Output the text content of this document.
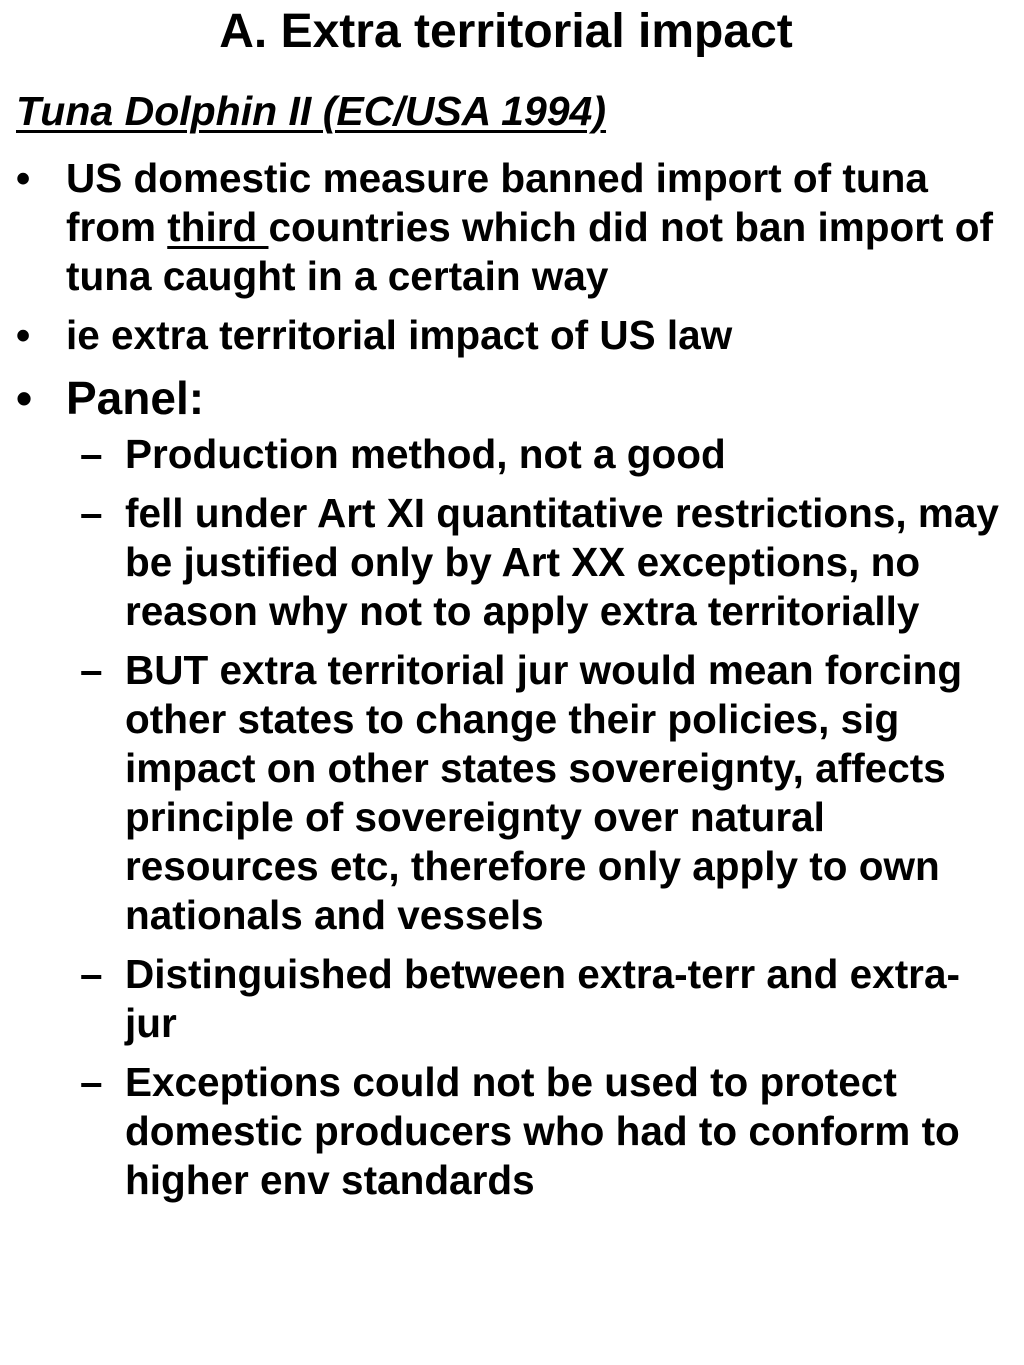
A. Extra territorial impact
Tuna Dolphin II (EC/USA 1994)
• US domestic measure banned import of tuna from third countries which did not ban import of tuna caught in a certain way
• ie extra territorial impact of US law
• Panel:
– Production method, not a good
– fell under Art XI quantitative restrictions, may be justified only by Art XX exceptions, no reason why not to apply extra territorially
– BUT extra territorial jur would mean forcing other states to change their policies, sig impact on other states sovereignty, affects principle of sovereignty over natural resources etc, therefore only apply to own nationals and vessels
– Distinguished between extra-terr and extra-jur
– Exceptions could not be used to protect domestic producers who had to conform to higher env standards
